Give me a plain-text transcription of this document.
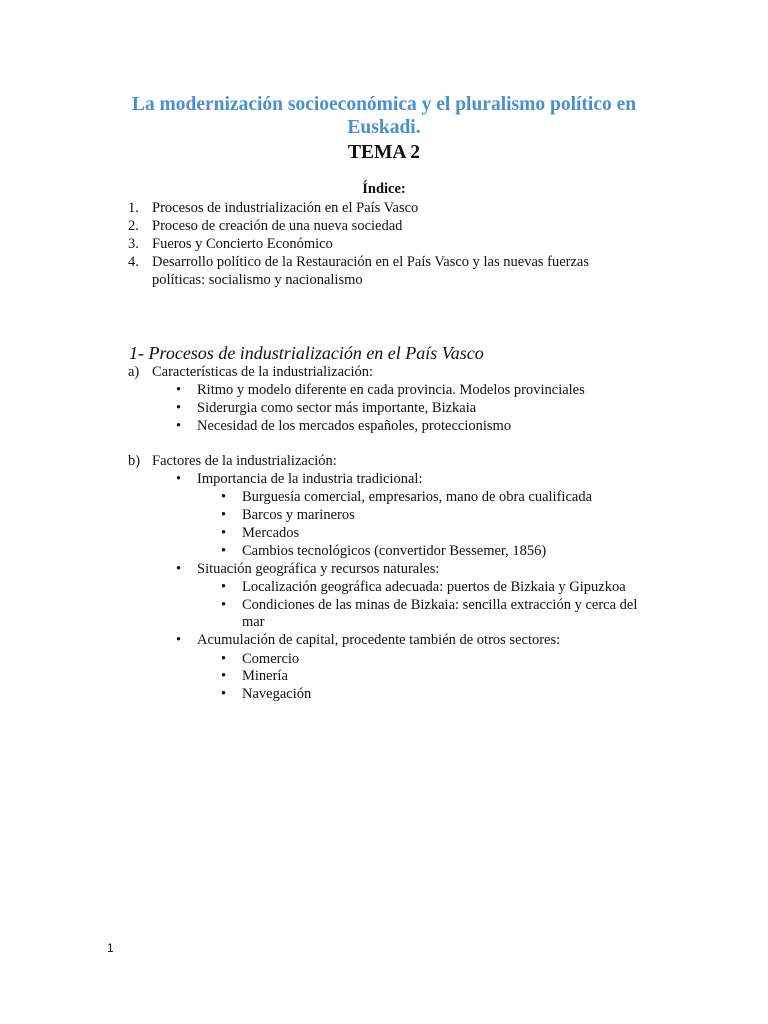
La modernización socioeconómica y el pluralismo político en Euskadi.
TEMA 2
Índice:
1. Procesos de industrialización en el País Vasco
2. Proceso de creación de una nueva sociedad
3. Fueros y Concierto Económico
4. Desarrollo político de la Restauración en el País Vasco y las nuevas fuerzas
políticas: socialismo y nacionalismo
1- Procesos de industrialización en el País Vasco
a) Características de la industrialización:
• Ritmo y modelo diferente en cada provincia. Modelos provinciales
• Siderurgia como sector más importante, Bizkaia
• Necesidad de los mercados españoles, proteccionismo
b) Factores de la industrialización:
• Importancia de la industria tradicional:
• Burguesía comercial, empresarios, mano de obra cualificada
• Barcos y marineros
• Mercados
• Cambios tecnológicos (convertidor Bessemer, 1856)
• Situación geográfica y recursos naturales:
• Localización geográfica adecuada: puertos de Bizkaia y Gipuzkoa
• Condiciones de las minas de Bizkaia: sencilla extracción y cerca del
mar
• Acumulación de capital, procedente también de otros sectores:
• Comercio
• Minería
• Navegación
1
